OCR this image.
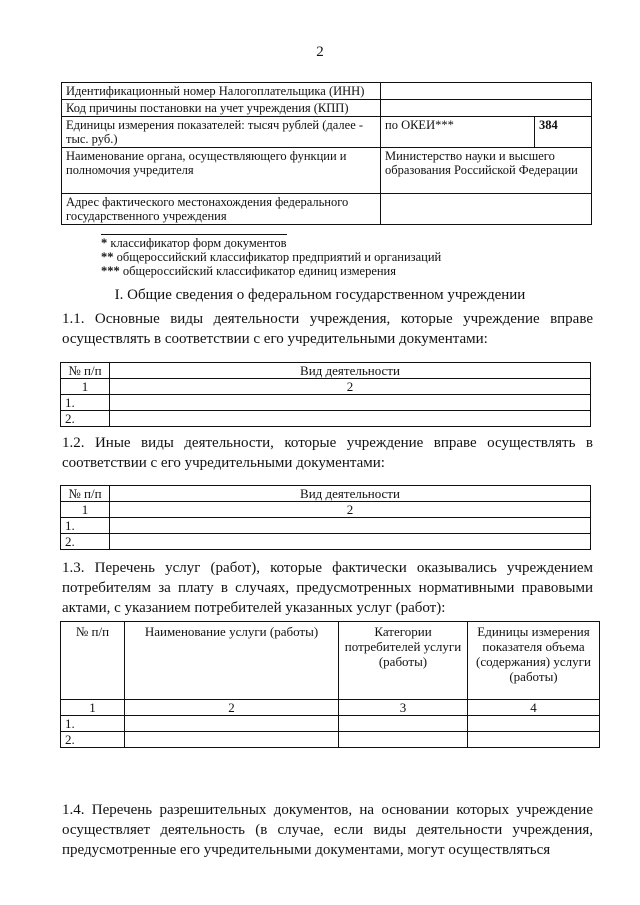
2
Идентификационный номер Налогоплательщика (ИНН)		
Код причины постановки на учет учреждения (КПП)		
Единицы измерения показателей: тысяч рублей (далее - тыс. руб.)	по ОКЕИ***	384
Наименование органа, осуществляющего функции и полномочия учредителя	Министерство науки и высшего образования Российской Федерации	
Адрес фактического местонахождения федерального государственного учреждения		
* классификатор форм документов
** общероссийский классификатор предприятий и организаций
*** общероссийский классификатор единиц измерения
I. Общие сведения о федеральном государственном учреждении
1.1. Основные виды деятельности учреждения, которые учреждение вправе осуществлять в соответствии с его учредительными документами:
№ п/п	Вид деятельности
1	2
1.	
2.	
1.2. Иные виды деятельности, которые учреждение вправе осуществлять в соответствии с его учредительными документами:
№ п/п	Вид деятельности
1	2
1.	
2.	
1.3. Перечень услуг (работ), которые фактически оказывались учреждением потребителям за плату в случаях, предусмотренных нормативными правовыми актами, с указанием потребителей указанных услуг (работ):
№ п/п	Наименование услуги (работы)	Категории потребителей услуги (работы)	Единицы измерения показателя объема (содержания) услуги (работы)
1	2	3	4
1.			
2.			
1.4. Перечень разрешительных документов, на основании которых учреждение осуществляет деятельность (в случае, если виды деятельности учреждения, предусмотренные его учредительными документами, могут осуществляться
